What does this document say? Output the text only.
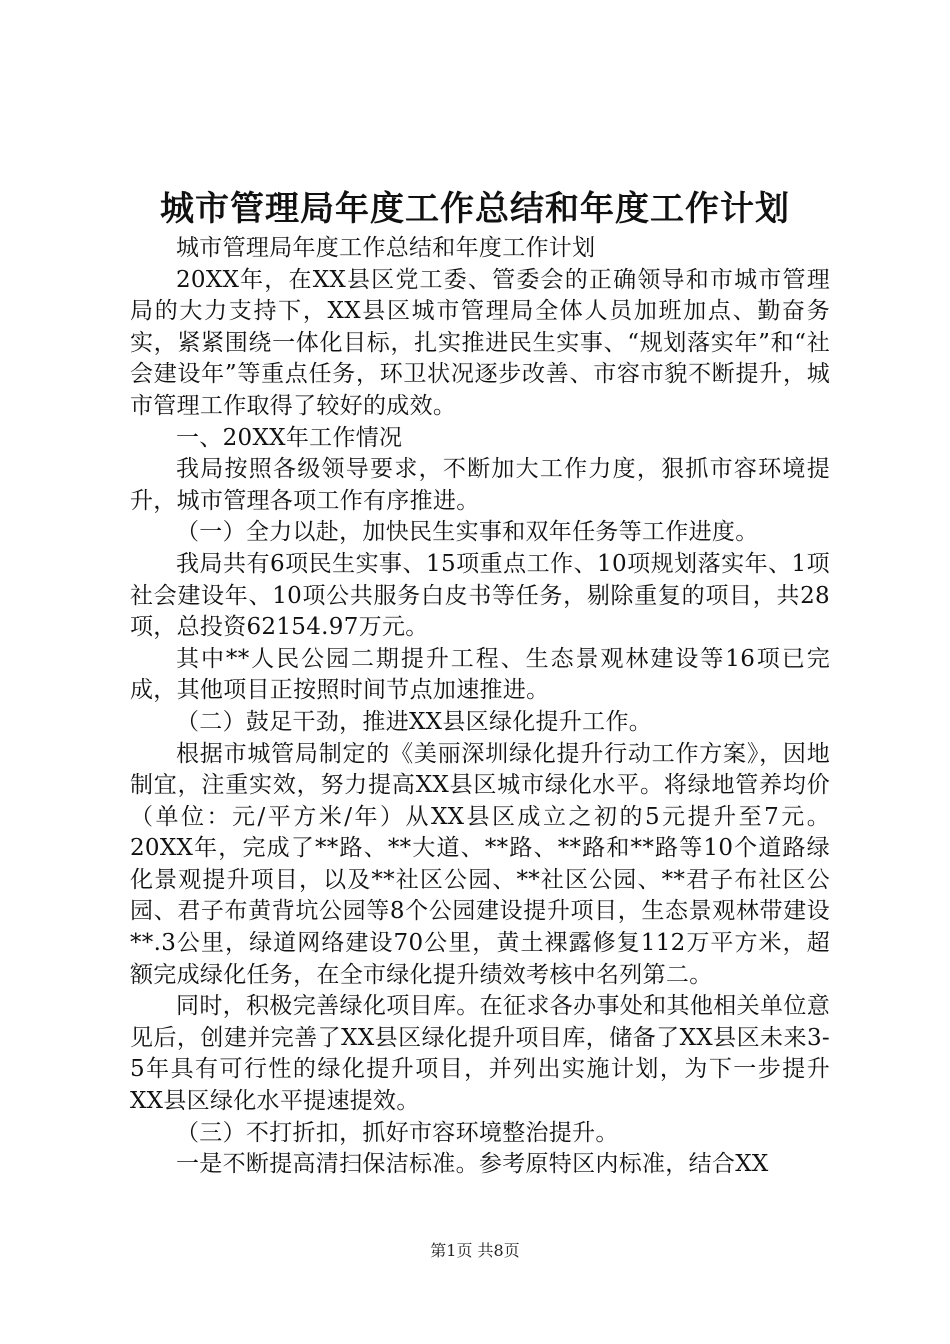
城市管理局年度工作总结和年度工作计划

城市管理局年度工作总结和年度工作计划

20XX年，在XX县区党工委、管委会的正确领导和市城市管理局的大力支持下，XX县区城市管理局全体人员加班加点、勤奋务实，紧紧围绕一体化目标，扎实推进民生实事、“规划落实年”和“社会建设年”等重点任务，环卫状况逐步改善、市容市貌不断提升，城市管理工作取得了较好的成效。

一、20XX年工作情况

我局按照各级领导要求，不断加大工作力度，狠抓市容环境提升，城市管理各项工作有序推进。

（一）全力以赴，加快民生实事和双年任务等工作进度。

我局共有6项民生实事、15项重点工作、10项规划落实年、1项社会建设年、10项公共服务白皮书等任务，剔除重复的项目，共28项，总投资62154.97万元。

其中**人民公园二期提升工程、生态景观林建设等16项已完成，其他项目正按照时间节点加速推进。

（二）鼓足干劲，推进XX县区绿化提升工作。

根据市城管局制定的《美丽深圳绿化提升行动工作方案》，因地制宜，注重实效，努力提高XX县区城市绿化水平。将绿地管养均价（单位：元/平方米/年）从XX县区成立之初的5元提升至7元。20XX年，完成了**路、**大道、**路、**路和**路等10个道路绿化景观提升项目，以及**社区公园、**社区公园、**君子布社区公园、君子布黄背坑公园等8个公园建设提升项目，生态景观林带建设**.3公里，绿道网络建设70公里，黄土裸露修复112万平方米，超额完成绿化任务，在全市绿化提升绩效考核中名列第二。

同时，积极完善绿化项目库。在征求各办事处和其他相关单位意见后，创建并完善了XX县区绿化提升项目库，储备了XX县区未来3-5年具有可行性的绿化提升项目，并列出实施计划，为下一步提升XX县区绿化水平提速提效。

（三）不打折扣，抓好市容环境整治提升。

一是不断提高清扫保洁标准。参考原特区内标准，结合XX

第1页 共8页
